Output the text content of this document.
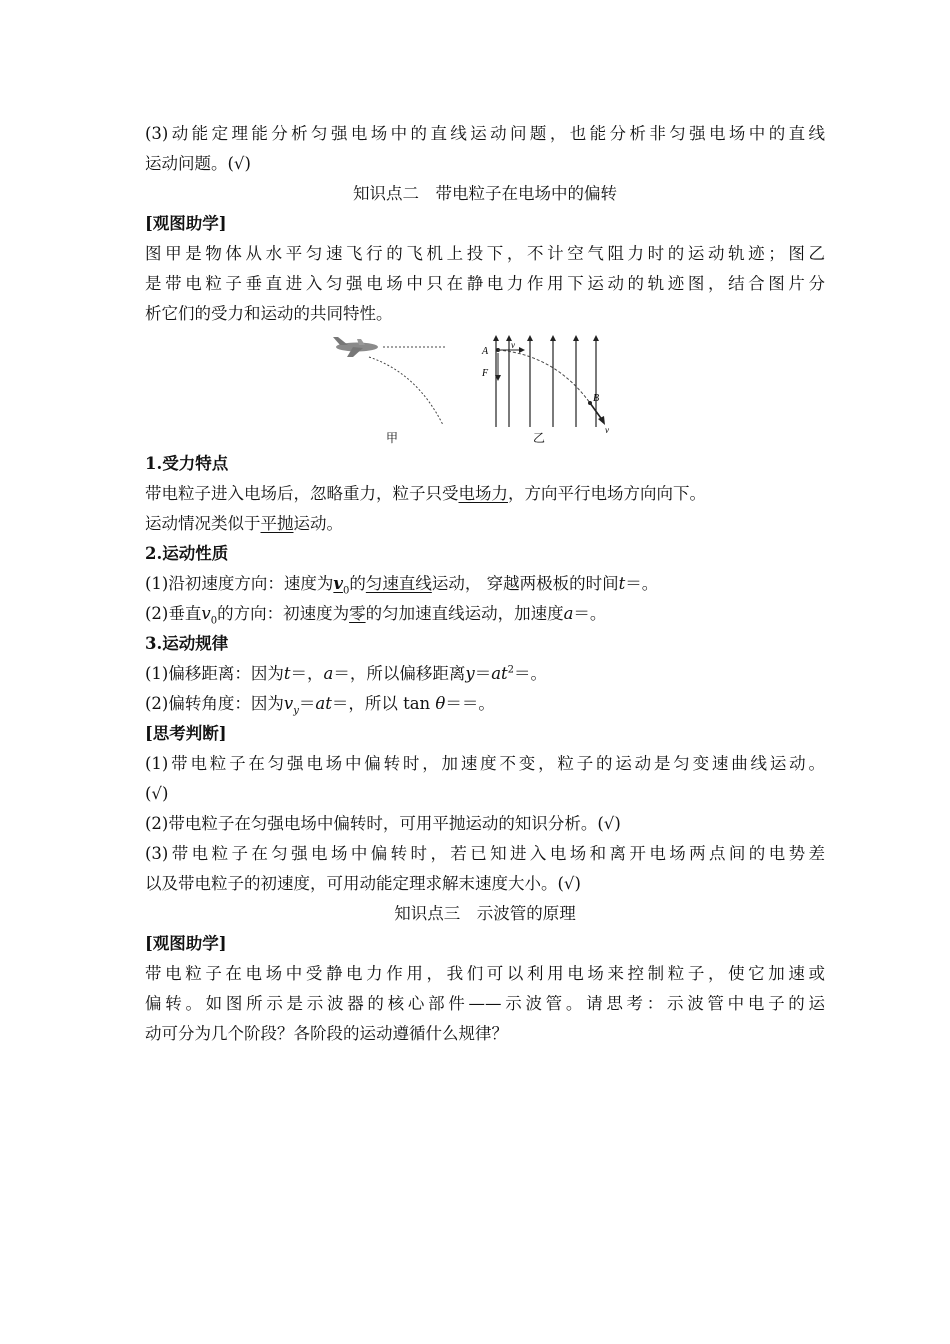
(3)动能定理能分析匀强电场中的直线运动问题，也能分析非匀强电场中的直线
运动问题。(√)
知识点二　带电粒子在电场中的偏转
[观图助学]
图甲是物体从水平匀速飞行的飞机上投下，不计空气阻力时的运动轨迹；图乙
是带电粒子垂直进入匀强电场中只在静电力作用下运动的轨迹图，结合图片分
析它们的受力和运动的共同特性。
A
F
v
B
v
甲	乙
1.受力特点
带电粒子进入电场后，忽略重力，粒子只受电场力，方向平行电场方向向下。
运动情况类似于平抛运动。
2.运动性质
(1)沿初速度方向：速度为$v_0$的匀速直线运动， 穿越两极板的时间t＝。
(2)垂直$v_0$的方向：初速度为零的匀加速直线运动，加速度a＝。
3.运动规律
(1)偏移距离：因为t＝，a＝，所以偏移距离$y=at^2=$。
(2)偏转角度：因为$v_y=at=$，所以 tan θ＝＝。
[思考判断]
(1)带电粒子在匀强电场中偏转时，加速度不变，粒子的运动是匀变速曲线运动。
(√)
(2)带电粒子在匀强电场中偏转时，可用平抛运动的知识分析。(√)
(3)带电粒子在匀强电场中偏转时，若已知进入电场和离开电场两点间的电势差
以及带电粒子的初速度，可用动能定理求解末速度大小。(√)
知识点三　示波管的原理
[观图助学]
带电粒子在电场中受静电力作用，我们可以利用电场来控制粒子，使它加速或
偏转。如图所示是示波器的核心部件——示波管。请思考：示波管中电子的运
动可分为几个阶段？各阶段的运动遵循什么规律？
